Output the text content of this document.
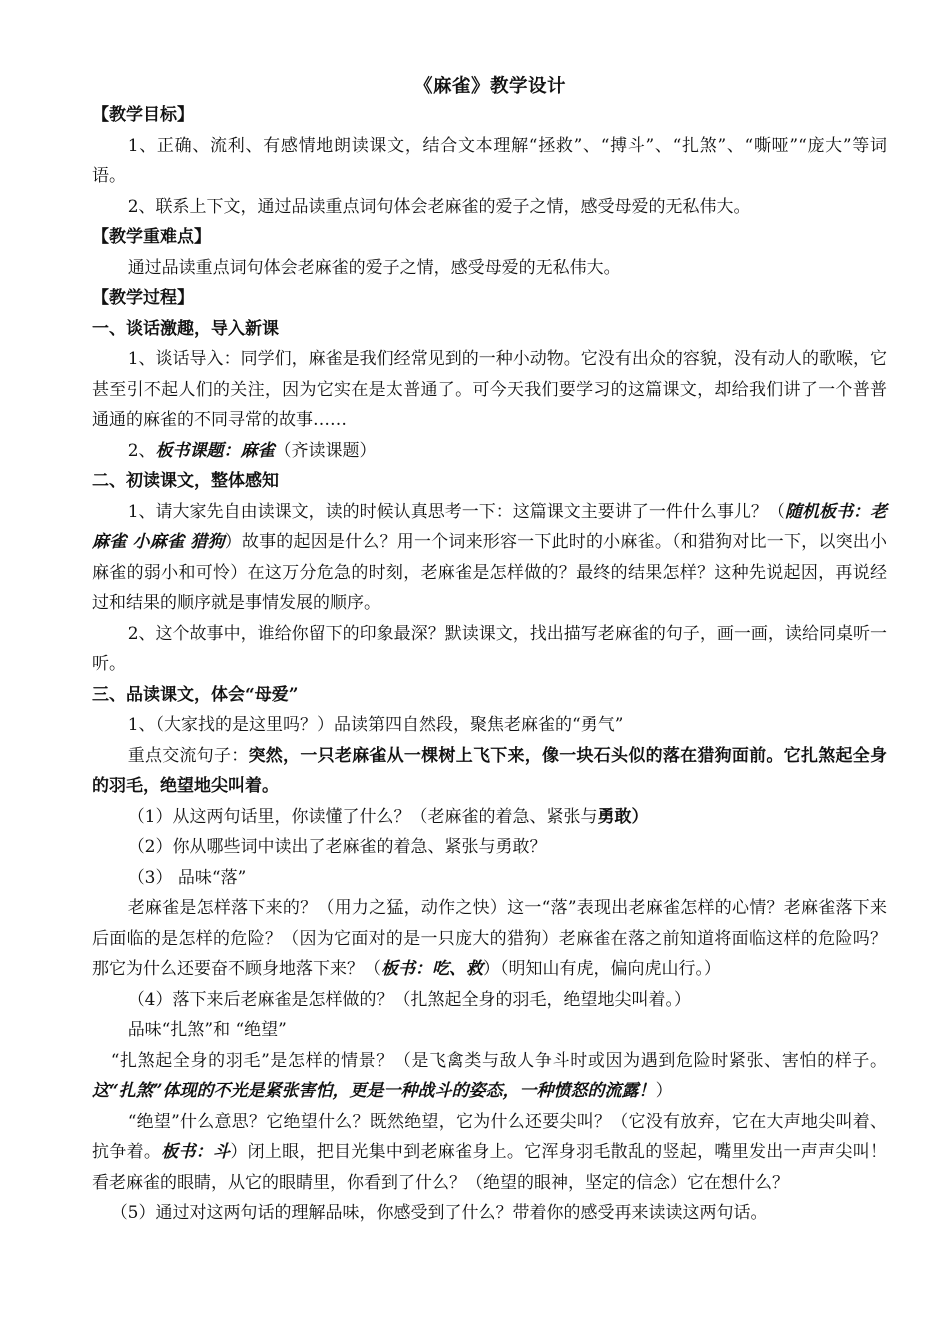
《麻雀》教学设计

【教学目标】

1、正确、流利、有感情地朗读课文，结合文本理解“拯救”、“搏斗”、“扎煞”、“嘶哑”“庞大”等词语。

2、联系上下文，通过品读重点词句体会老麻雀的爱子之情，感受母爱的无私伟大。

【教学重难点】

通过品读重点词句体会老麻雀的爱子之情，感受母爱的无私伟大。

【教学过程】

一、谈话激趣，导入新课

1、谈话导入：同学们，麻雀是我们经常见到的一种小动物。它没有出众的容貌，没有动人的歌喉，它甚至引不起人们的关注，因为它实在是太普通了。可今天我们要学习的这篇课文，却给我们讲了一个普普通通的麻雀的不同寻常的故事……

2、板书课题：麻雀（齐读课题）

二、初读课文，整体感知

1、请大家先自由读课文，读的时候认真思考一下：这篇课文主要讲了一件什么事儿？（随机板书：老麻雀 小麻雀 猎狗）故事的起因是什么？用一个词来形容一下此时的小麻雀。（和猎狗对比一下，以突出小麻雀的弱小和可怜）在这万分危急的时刻，老麻雀是怎样做的？最终的结果怎样？这种先说起因，再说经过和结果的顺序就是事情发展的顺序。

2、这个故事中，谁给你留下的印象最深？默读课文，找出描写老麻雀的句子，画一画，读给同桌听一听。

三、品读课文，体会“母爱”

1、（大家找的是这里吗？）品读第四自然段，聚焦老麻雀的“勇气”

重点交流句子：突然，一只老麻雀从一棵树上飞下来，像一块石头似的落在猎狗面前。它扎煞起全身的羽毛，绝望地尖叫着。

（1）从这两句话里，你读懂了什么？（老麻雀的着急、紧张与勇敢）

（2）你从哪些词中读出了老麻雀的着急、紧张与勇敢？

（3） 品味“落”

老麻雀是怎样落下来的？（用力之猛，动作之快）这一“落”表现出老麻雀怎样的心情？老麻雀落下来后面临的是怎样的危险？（因为它面对的是一只庞大的猎狗）老麻雀在落之前知道将面临这样的危险吗？那它为什么还要奋不顾身地落下来？（板书：吃、救）（明知山有虎，偏向虎山行。）

（4）落下来后老麻雀是怎样做的？（扎煞起全身的羽毛，绝望地尖叫着。）

品味“扎煞”和 “绝望”

“扎煞起全身的羽毛”是怎样的情景？（是飞禽类与敌人争斗时或因为遇到危险时紧张、害怕的样子。这“扎煞”体现的不光是紧张害怕，更是一种战斗的姿态，一种愤怒的流露！）

“绝望”什么意思？它绝望什么？既然绝望，它为什么还要尖叫？（它没有放弃，它在大声地尖叫着、抗争着。板书：斗）闭上眼，把目光集中到老麻雀身上。它浑身羽毛散乱的竖起，嘴里发出一声声尖叫！看老麻雀的眼睛，从它的眼睛里，你看到了什么？（绝望的眼神，坚定的信念）它在想什么？

（5）通过对这两句话的理解品味，你感受到了什么？带着你的感受再来读读这两句话。
